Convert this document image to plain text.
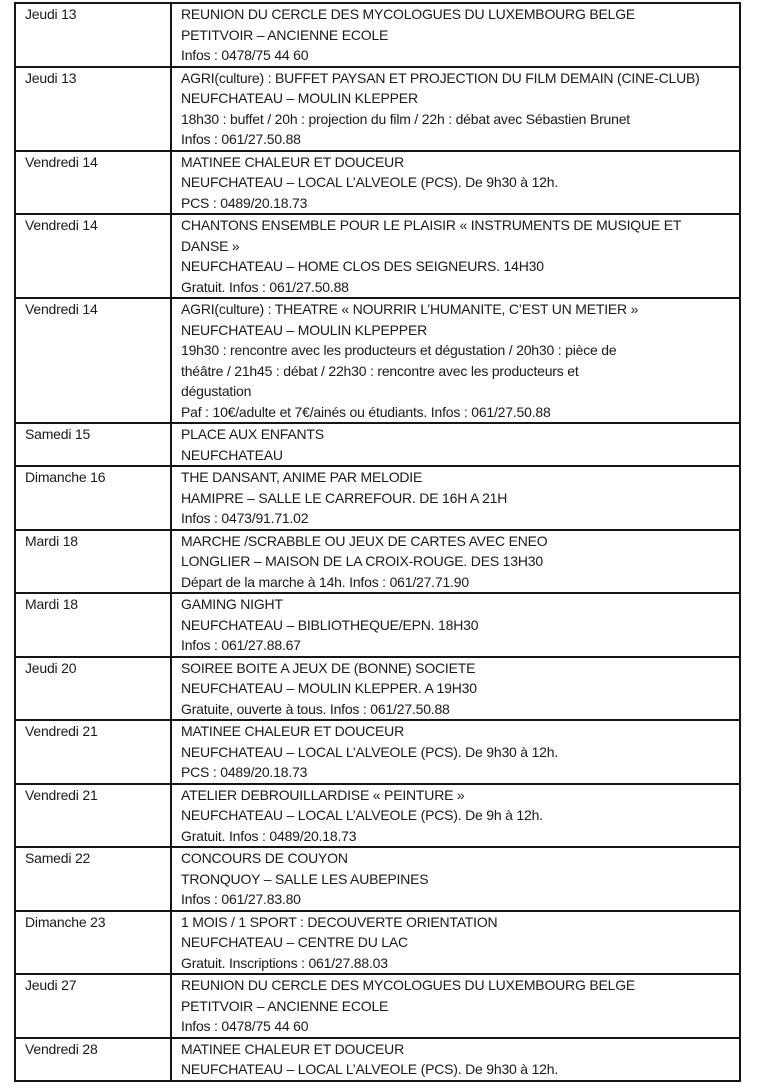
Jeudi 13	REUNION DU CERCLE DES MYCOLOGUES DU LUXEMBOURG BELGE
PETITVOIR – ANCIENNE ECOLE
Infos : 0478/75 44 60

Jeudi 13	AGRI(culture) : BUFFET PAYSAN ET PROJECTION DU FILM DEMAIN (CINE-CLUB)
NEUFCHATEAU – MOULIN KLEPPER
18h30 : buffet / 20h : projection du film / 22h : débat avec Sébastien Brunet
Infos : 061/27.50.88

Vendredi 14	MATINEE CHALEUR ET DOUCEUR
NEUFCHATEAU – LOCAL L’ALVEOLE (PCS). De 9h30 à 12h.
PCS : 0489/20.18.73

Vendredi 14	CHANTONS ENSEMBLE POUR LE PLAISIR « INSTRUMENTS DE MUSIQUE ET
DANSE »
NEUFCHATEAU – HOME CLOS DES SEIGNEURS. 14H30
Gratuit. Infos : 061/27.50.88

Vendredi 14	AGRI(culture) : THEATRE « NOURRIR L’HUMANITE, C’EST UN METIER »
NEUFCHATEAU – MOULIN KLPEPPER
19h30 : rencontre avec les producteurs et dégustation / 20h30 : pièce de
théâtre / 21h45 : débat / 22h30 : rencontre avec les producteurs et
dégustation
Paf : 10€/adulte et 7€/ainés ou étudiants. Infos : 061/27.50.88

Samedi 15	PLACE AUX ENFANTS
NEUFCHATEAU

Dimanche 16	THE DANSANT, ANIME PAR MELODIE
HAMIPRE – SALLE LE CARREFOUR. DE 16H A 21H
Infos : 0473/91.71.02

Mardi 18	MARCHE /SCRABBLE OU JEUX DE CARTES AVEC ENEO
LONGLIER – MAISON DE LA CROIX-ROUGE. DES 13H30
Départ de la marche à 14h. Infos : 061/27.71.90

Mardi 18	GAMING NIGHT
NEUFCHATEAU – BIBLIOTHEQUE/EPN. 18H30
Infos : 061/27.88.67

Jeudi 20	SOIREE BOITE A JEUX DE (BONNE) SOCIETE
NEUFCHATEAU – MOULIN KLEPPER. A 19H30
Gratuite, ouverte à tous. Infos : 061/27.50.88

Vendredi 21	MATINEE CHALEUR ET DOUCEUR
NEUFCHATEAU – LOCAL L’ALVEOLE (PCS). De 9h30 à 12h.
PCS : 0489/20.18.73

Vendredi 21	ATELIER DEBROUILLARDISE « PEINTURE »
NEUFCHATEAU – LOCAL L’ALVEOLE (PCS). De 9h à 12h.
Gratuit. Infos : 0489/20.18.73

Samedi 22	CONCOURS DE COUYON
TRONQUOY – SALLE LES AUBEPINES
Infos : 061/27.83.80

Dimanche 23	1 MOIS / 1 SPORT : DECOUVERTE ORIENTATION
NEUFCHATEAU – CENTRE DU LAC
Gratuit. Inscriptions : 061/27.88.03

Jeudi 27	REUNION DU CERCLE DES MYCOLOGUES DU LUXEMBOURG BELGE
PETITVOIR – ANCIENNE ECOLE
Infos : 0478/75 44 60

Vendredi 28	MATINEE CHALEUR ET DOUCEUR
NEUFCHATEAU – LOCAL L’ALVEOLE (PCS). De 9h30 à 12h.
